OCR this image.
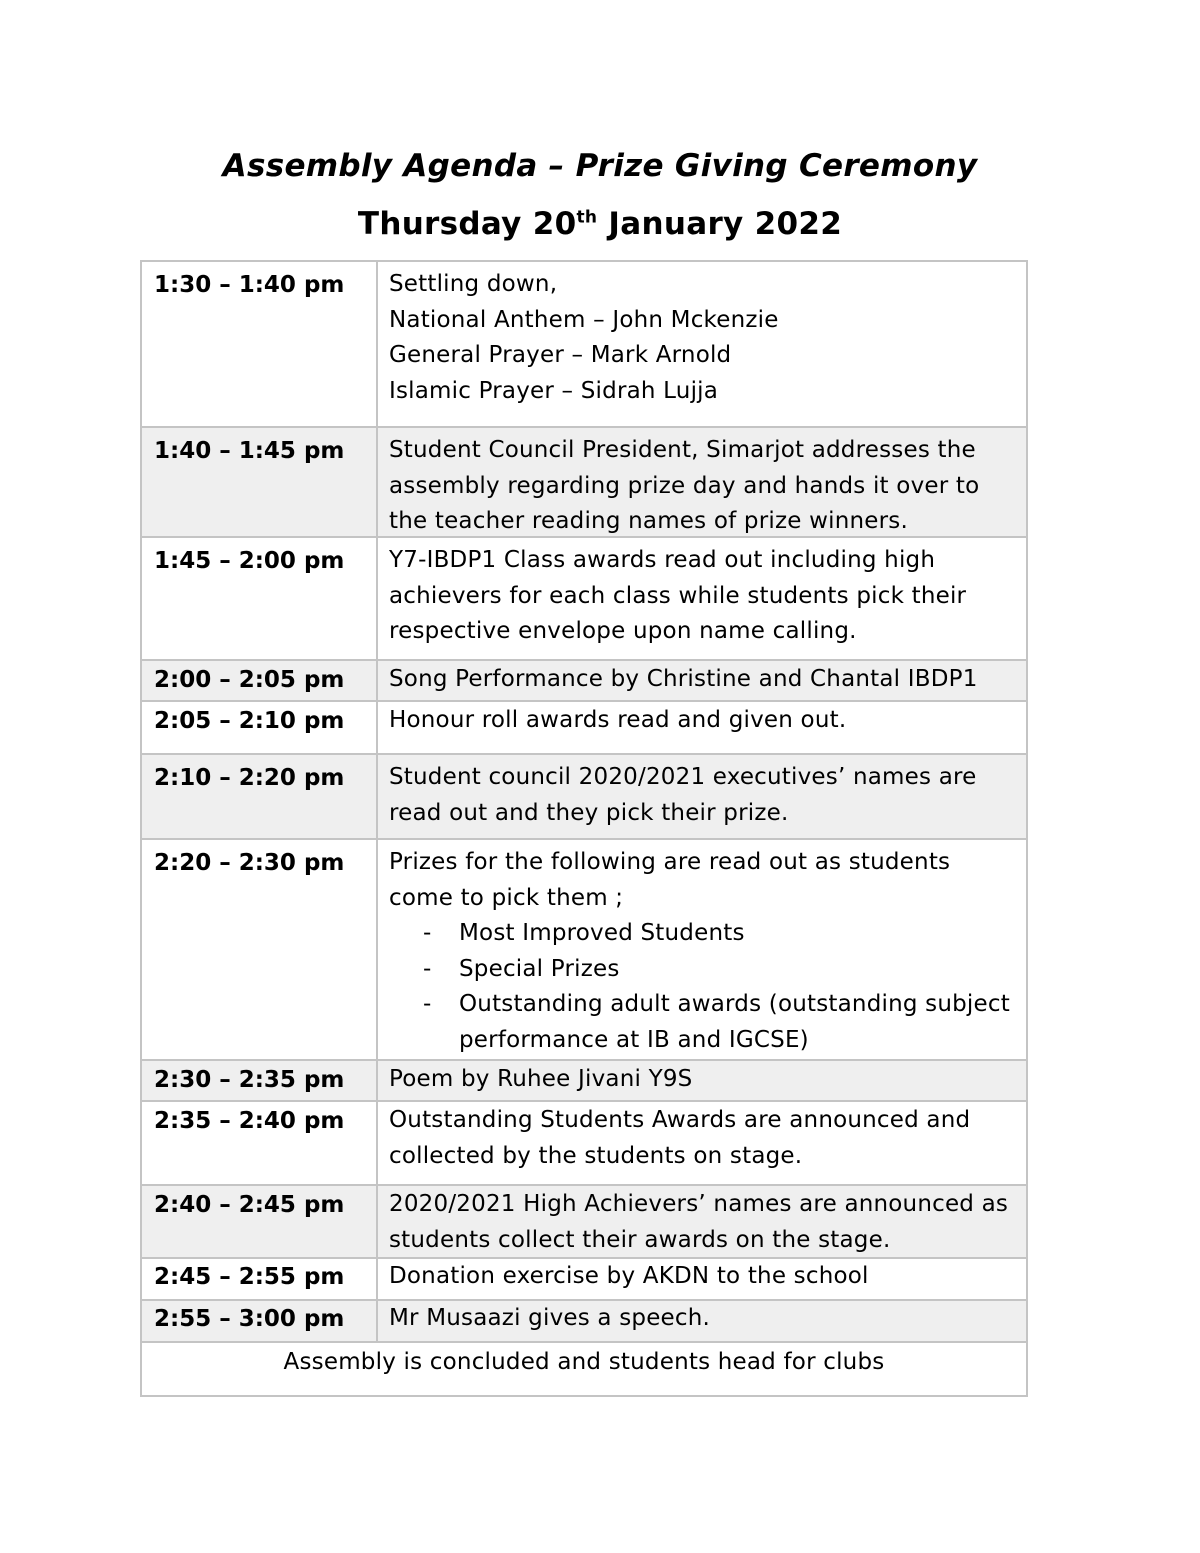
Assembly Agenda – Prize Giving Ceremony
Thursday 20th January 2022
1:30 – 1:40 pm	Settling down,
National Anthem – John Mckenzie
General Prayer – Mark Arnold
Islamic Prayer – Sidrah Lujja
1:40 – 1:45 pm	Student Council President, Simarjot addresses the
assembly regarding prize day and hands it over to
the teacher reading names of prize winners.
1:45 – 2:00 pm	Y7-IBDP1 Class awards read out including high
achievers for each class while students pick their
respective envelope upon name calling.
2:00 – 2:05 pm	Song Performance by Christine and Chantal IBDP1
2:05 – 2:10 pm	Honour roll awards read and given out.
2:10 – 2:20 pm	Student council 2020/2021 executives’ names are
read out and they pick their prize.
2:20 – 2:30 pm	Prizes for the following are read out as students
come to pick them ;
- Most Improved Students
- Special Prizes
- Outstanding adult awards (outstanding subject
performance at IB and IGCSE)
2:30 – 2:35 pm	Poem by Ruhee Jivani Y9S
2:35 – 2:40 pm	Outstanding Students Awards are announced and
collected by the students on stage.
2:40 – 2:45 pm	2020/2021 High Achievers’ names are announced as
students collect their awards on the stage.
2:45 – 2:55 pm	Donation exercise by AKDN to the school
2:55 – 3:00 pm	Mr Musaazi gives a speech.
Assembly is concluded and students head for clubs
